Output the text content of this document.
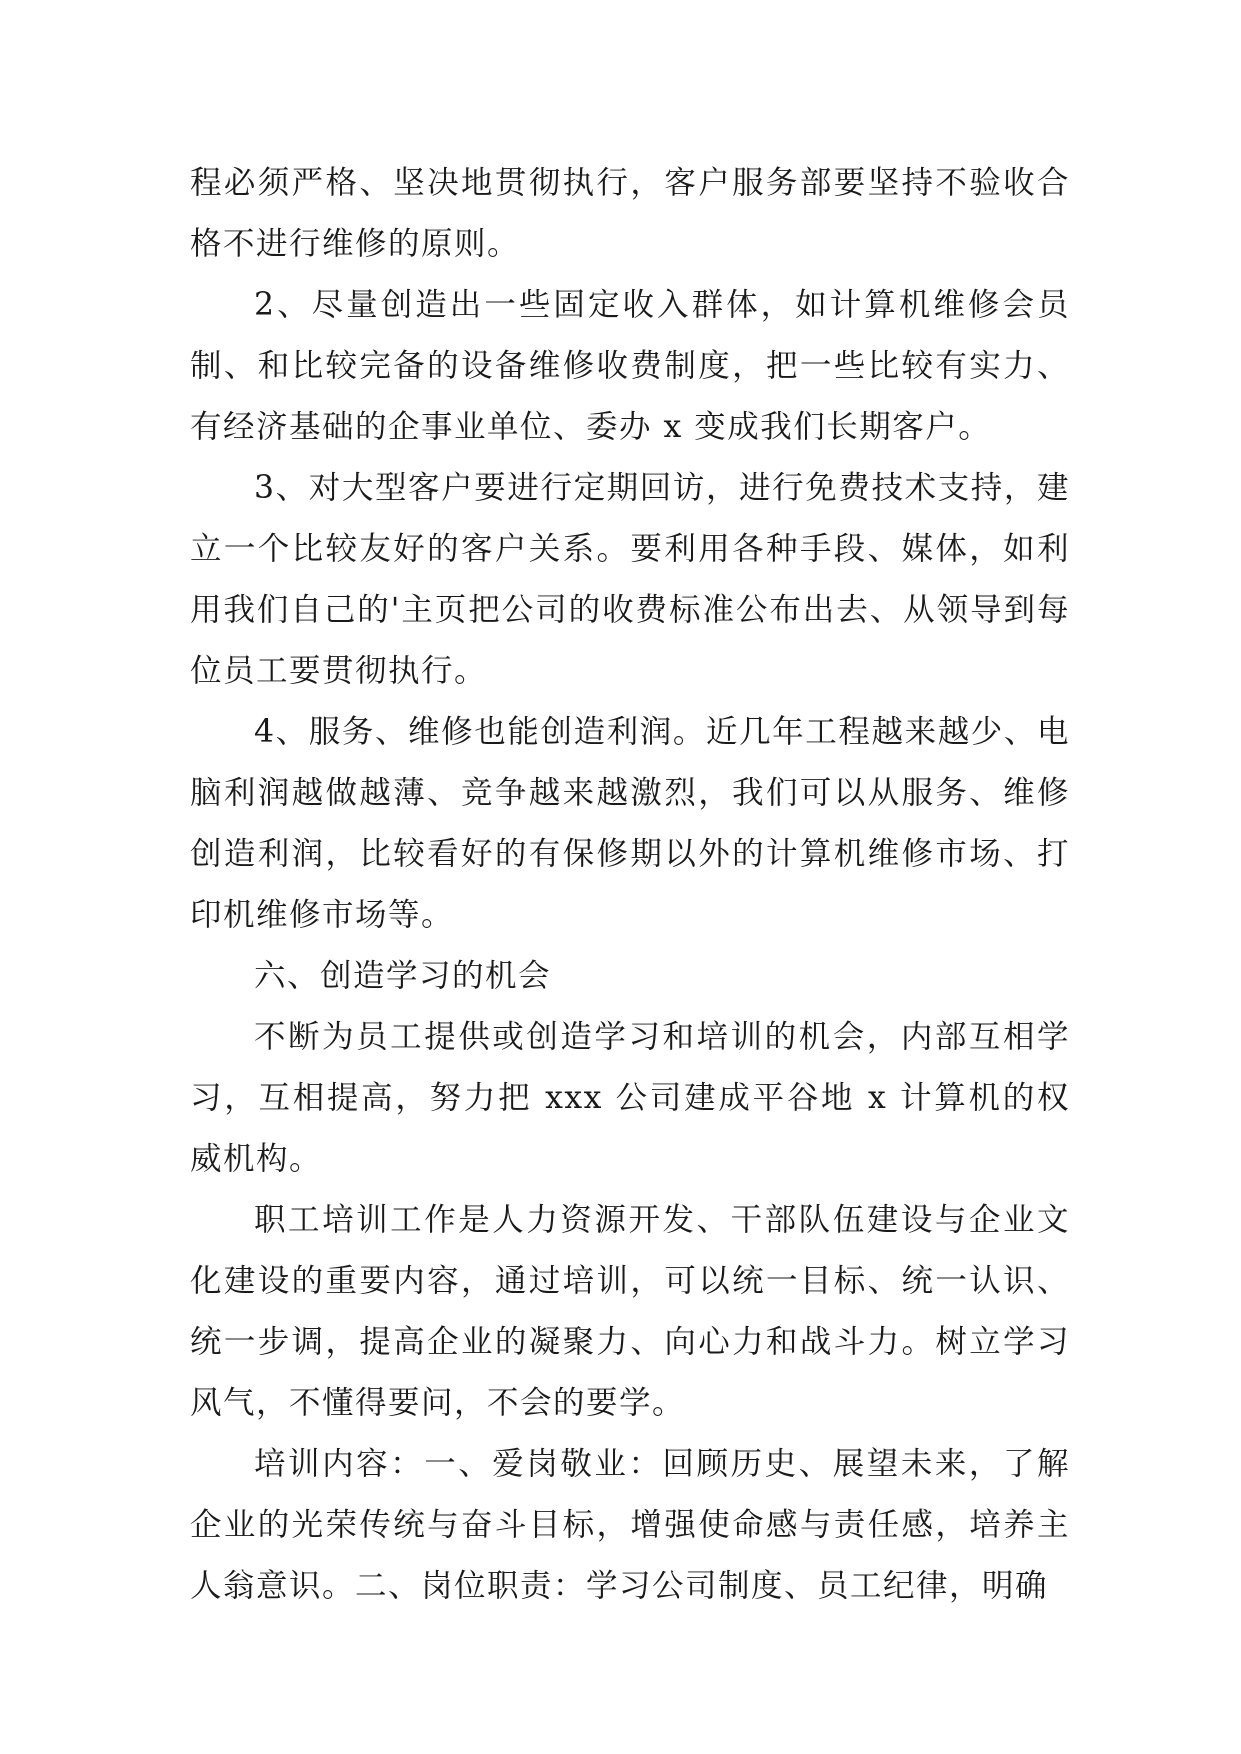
程必须严格、坚决地贯彻执行，客户服务部要坚持不验收合格不进行维修的原则。

2、尽量创造出一些固定收入群体，如计算机维修会员制、和比较完备的设备维修收费制度，把一些比较有实力、有经济基础的企事业单位、委办 x 变成我们长期客户。

3、对大型客户要进行定期回访，进行免费技术支持，建立一个比较友好的客户关系。要利用各种手段、媒体，如利用我们自己的'主页把公司的收费标准公布出去、从领导到每位员工要贯彻执行。

4、服务、维修也能创造利润。近几年工程越来越少、电脑利润越做越薄、竞争越来越激烈，我们可以从服务、维修创造利润，比较看好的有保修期以外的计算机维修市场、打印机维修市场等。

六、创造学习的机会

不断为员工提供或创造学习和培训的机会，内部互相学习，互相提高，努力把 xxx 公司建成平谷地 x 计算机的权威机构。

职工培训工作是人力资源开发、干部队伍建设与企业文化建设的重要内容，通过培训，可以统一目标、统一认识、统一步调，提高企业的凝聚力、向心力和战斗力。树立学习风气，不懂得要问，不会的要学。

培训内容：一、爱岗敬业：回顾历史、展望未来，了解企业的光荣传统与奋斗目标，增强使命感与责任感，培养主人翁意识。二、岗位职责：学习公司制度、员工纪律，明确
